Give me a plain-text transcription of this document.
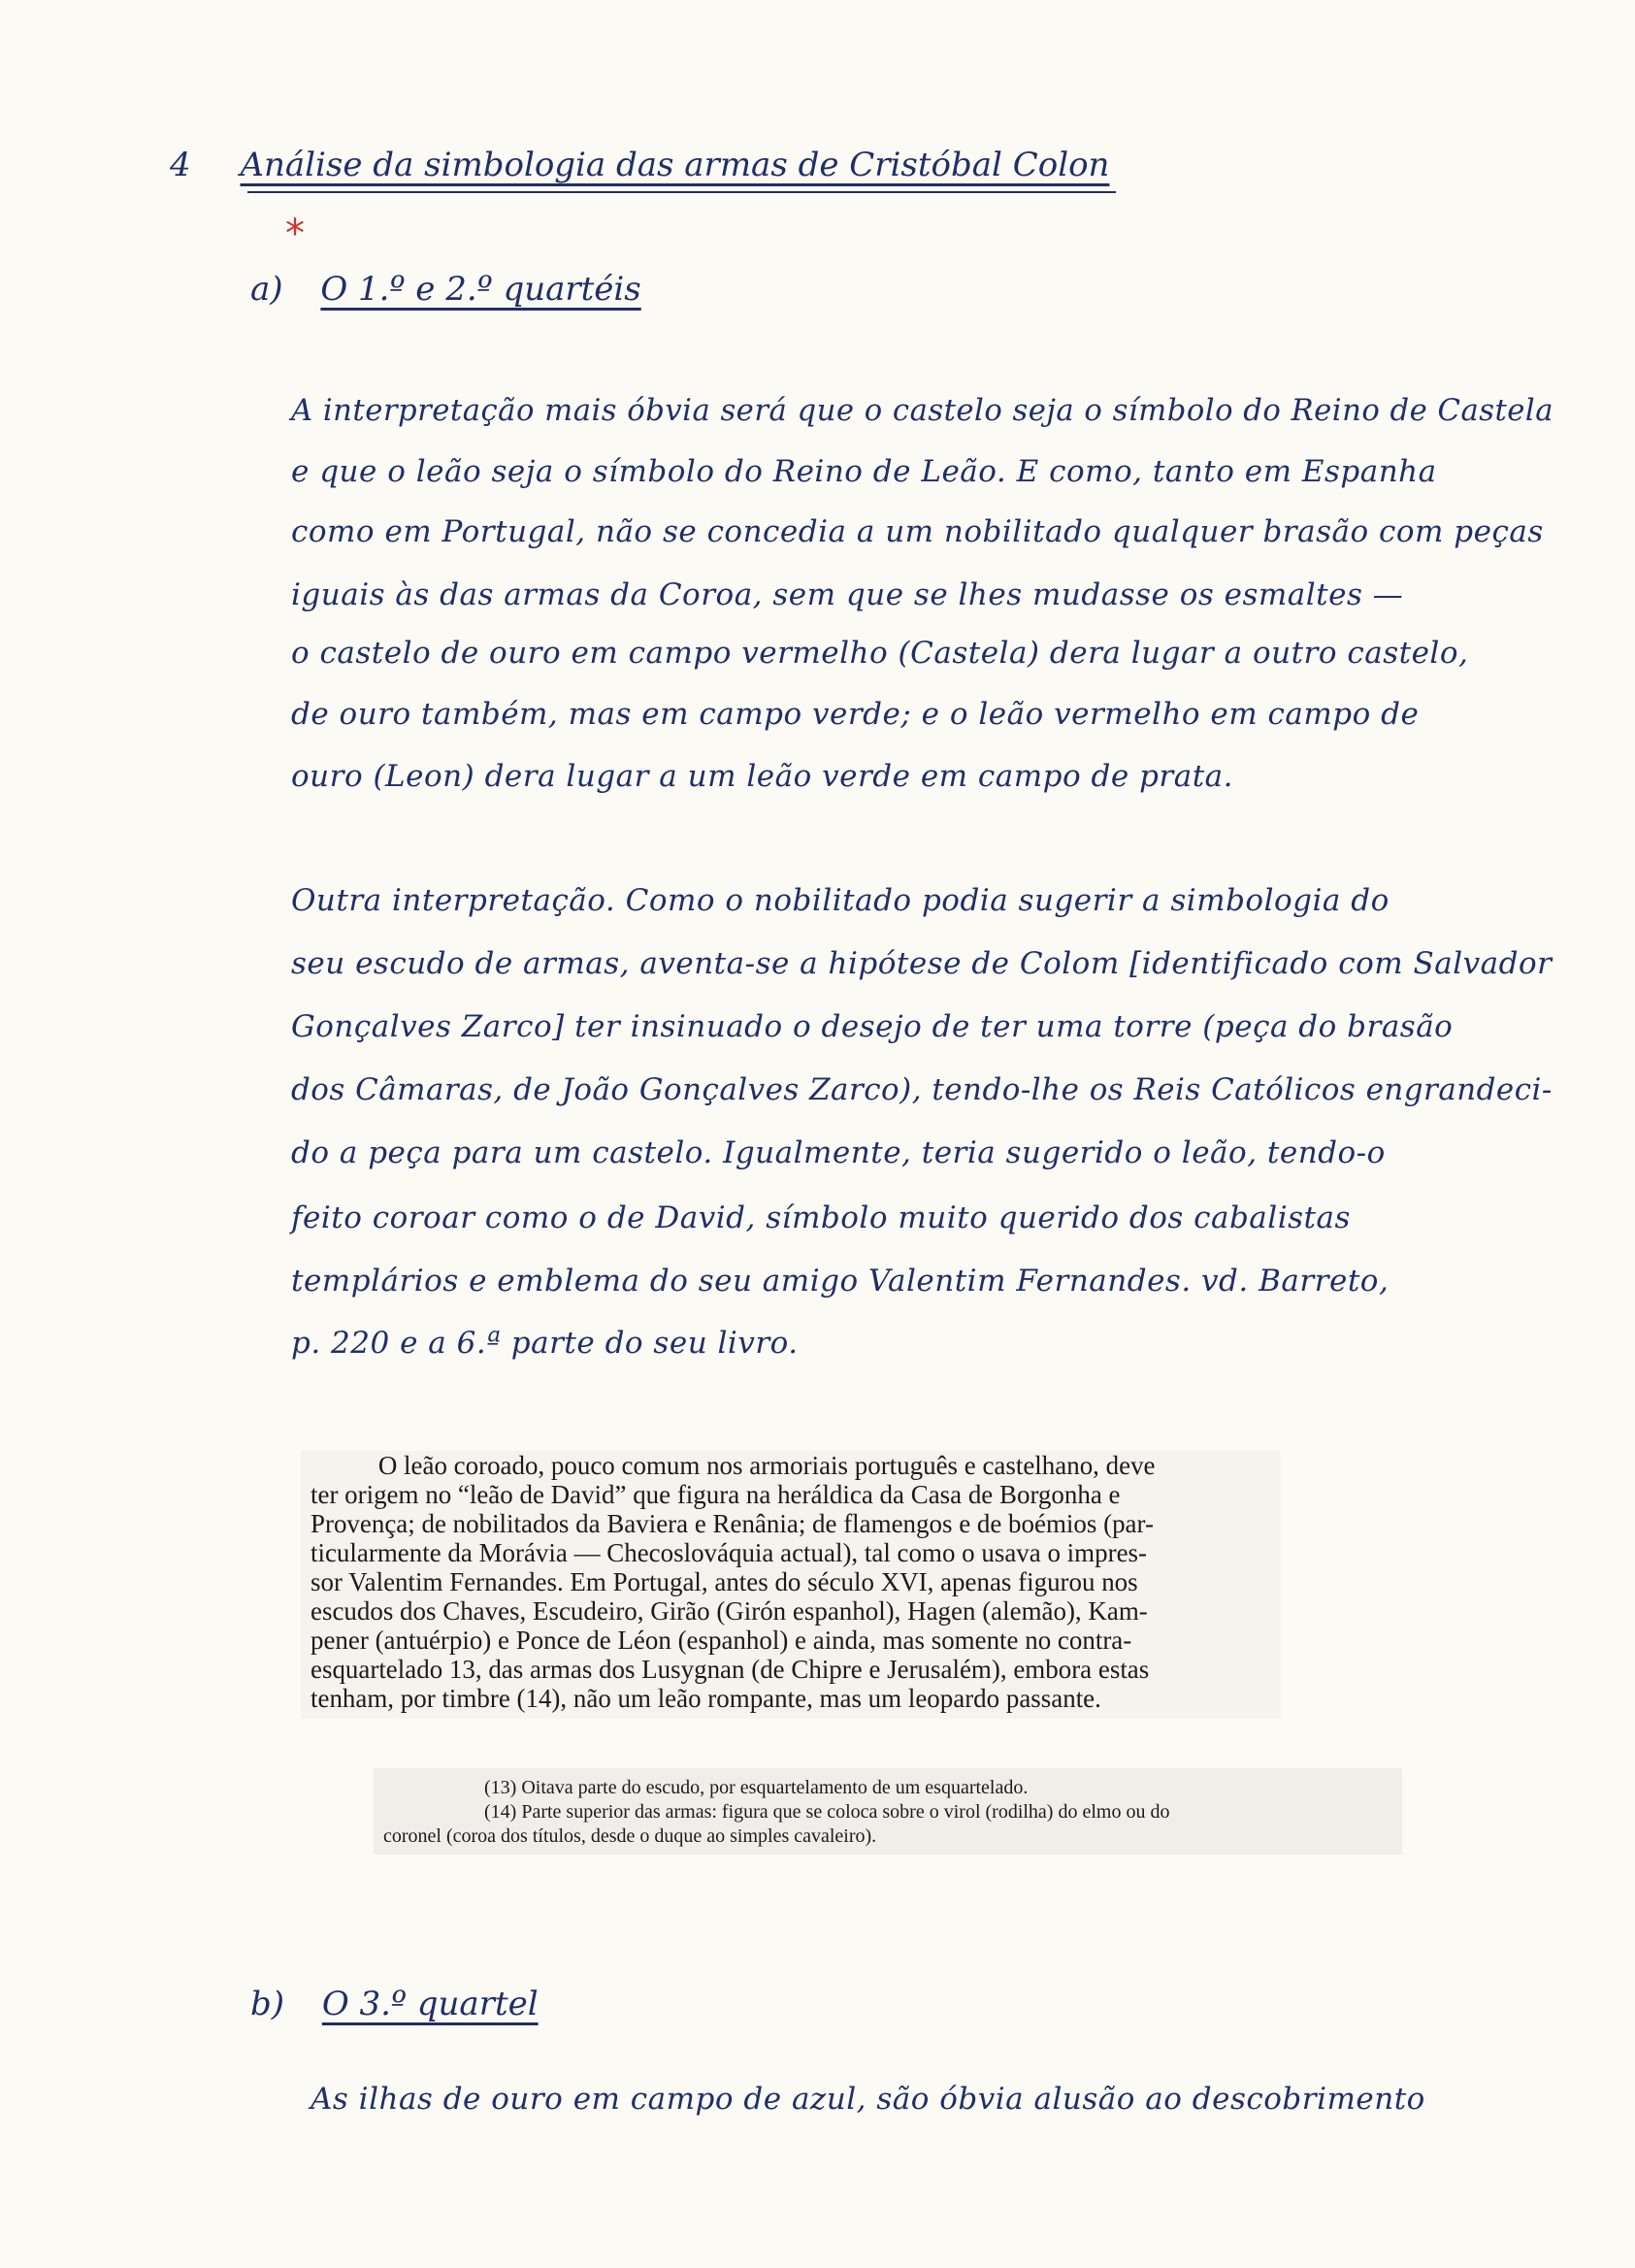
4 Análise da simbologia das armas de Cristóbal Colon
*
a) O 1.º e 2.º quartéis
A interpretação mais óbvia será que o castelo seja o símbolo do Reino de Castela
e que o leão seja o símbolo do Reino de Leão. E como, tanto em Espanha
como em Portugal, não se concedia a um nobilitado qualquer brasão com peças
iguais às das armas da Coroa, sem que se lhes mudasse os esmaltes —
o castelo de ouro em campo vermelho (Castela) dera lugar a outro castelo,
de ouro também, mas em campo verde; e o leão vermelho em campo de
ouro (Leon) dera lugar a um leão verde em campo de prata.
Outra interpretação. Como o nobilitado podia sugerir a simbologia do
seu escudo de armas, aventa-se a hipótese de Colom [identificado com Salvador
Gonçalves Zarco] ter insinuado o desejo de ter uma torre (peça do brasão
dos Câmaras, de João Gonçalves Zarco), tendo-lhe os Reis Católicos engrandeci-
do a peça para um castelo. Igualmente, teria sugerido o leão, tendo-o
feito coroar como o de David, símbolo muito querido dos cabalistas
templários e emblema do seu amigo Valentim Fernandes. vd. Barreto,
p. 220 e a 6.ª parte do seu livro.
O leão coroado, pouco comum nos armoriais português e castelhano, deve
ter origem no “leão de David” que figura na heráldica da Casa de Borgonha e
Provença; de nobilitados da Baviera e Renânia; de flamengos e de boémios (par-
ticularmente da Morávia — Checoslováquia actual), tal como o usava o impres-
sor Valentim Fernandes. Em Portugal, antes do século XVI, apenas figurou nos
escudos dos Chaves, Escudeiro, Girão (Girón espanhol), Hagen (alemão), Kam-
pener (antuérpio) e Ponce de Léon (espanhol) e ainda, mas somente no contra-
esquartelado 13, das armas dos Lusygnan (de Chipre e Jerusalém), embora estas
tenham, por timbre (14), não um leão rompante, mas um leopardo passante.
(13) Oitava parte do escudo, por esquartelamento de um esquartelado.
(14) Parte superior das armas: figura que se coloca sobre o virol (rodilha) do elmo ou do
coronel (coroa dos títulos, desde o duque ao simples cavaleiro).
b) O 3.º quartel
As ilhas de ouro em campo de azul, são óbvia alusão ao descobrimento
